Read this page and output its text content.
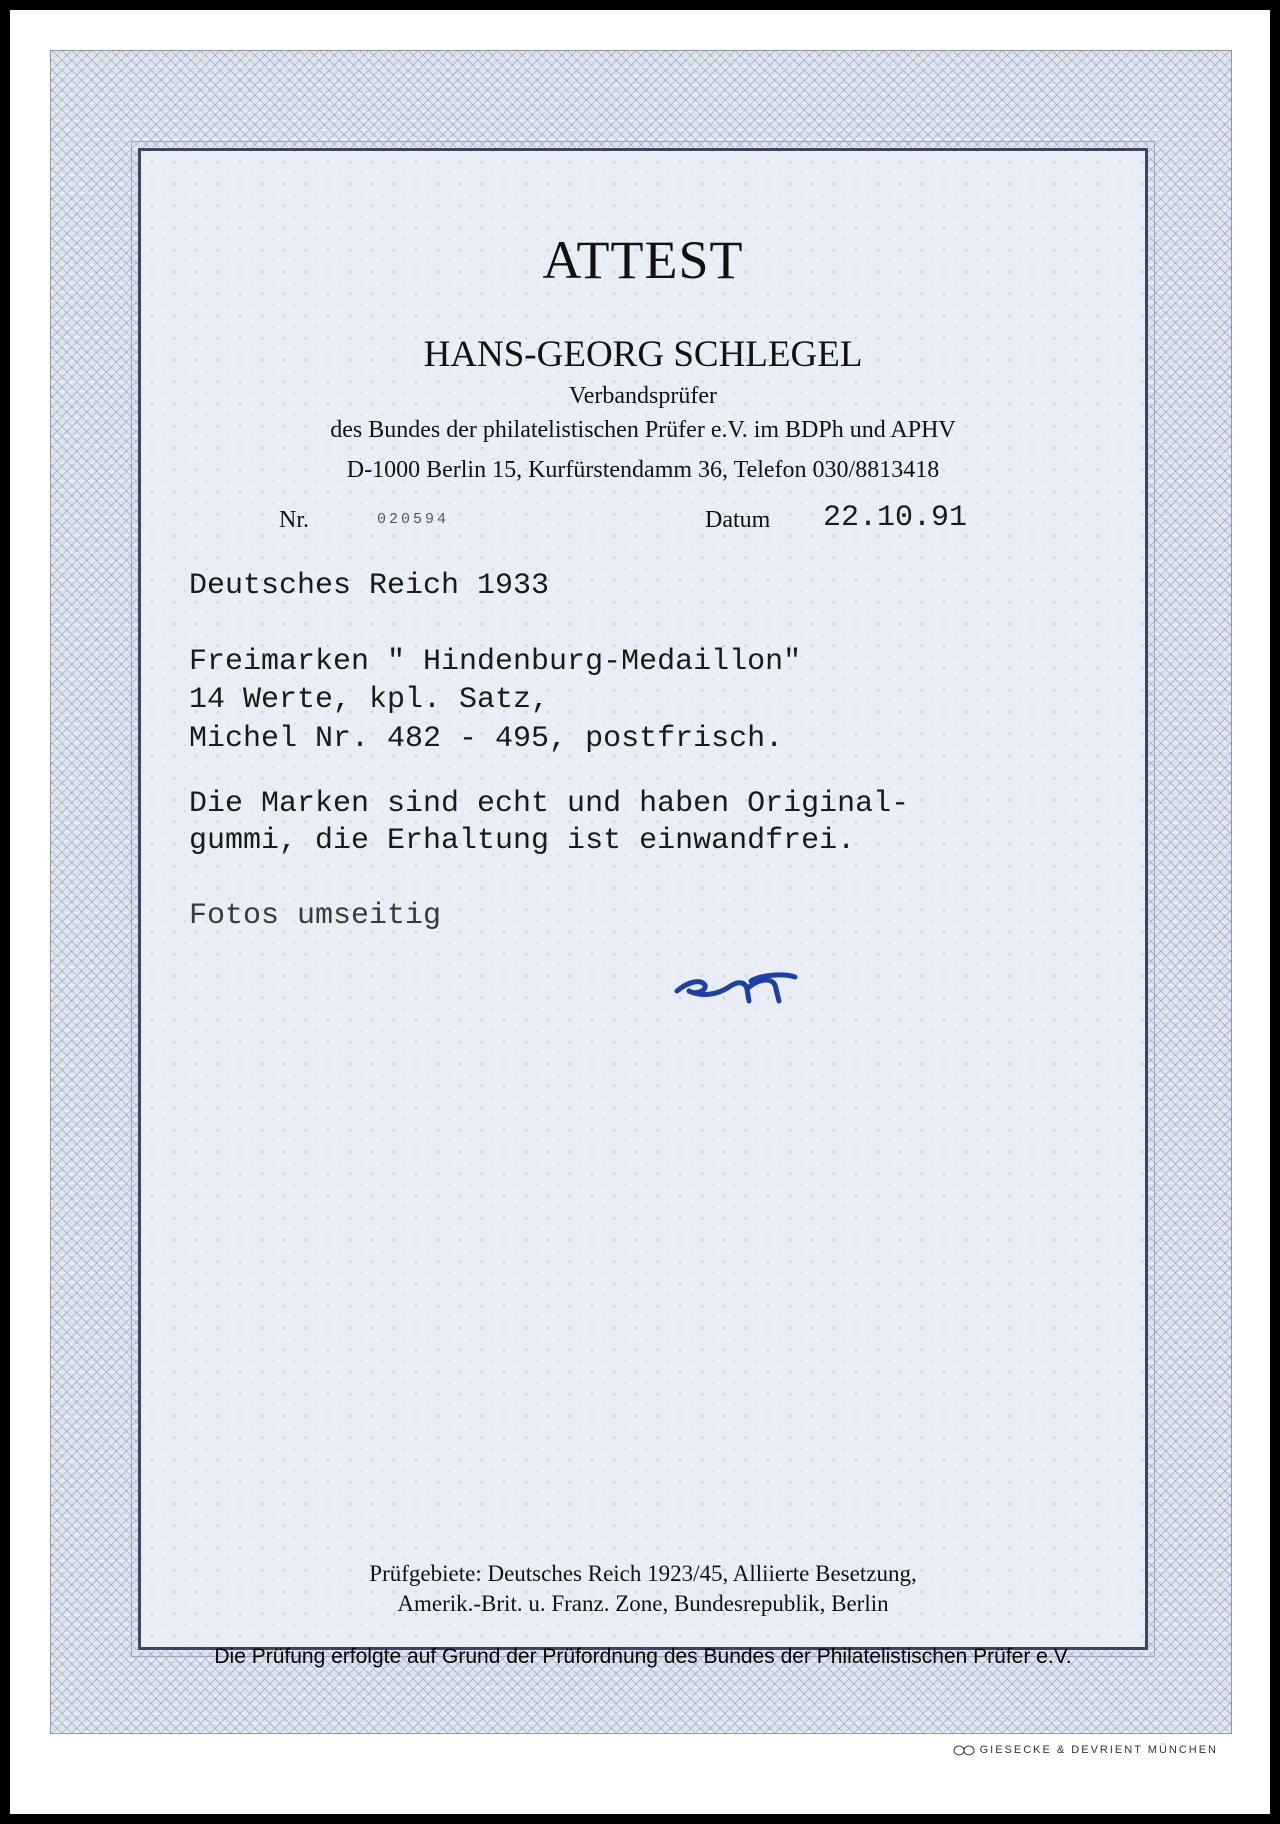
ATTEST
HANS-GEORG SCHLEGEL
Verbandsprüfer
des Bundes der philatelistischen Prüfer e.V. im BDPh und APHV
D-1000 Berlin 15, Kurfürstendamm 36, Telefon 030/8813418
Nr.	020594	Datum 22.10.91
Deutsches Reich 1933
Freimarken " Hindenburg-Medaillon"
14 Werte, kpl. Satz,
Michel Nr. 482 - 495, postfrisch.
Die Marken sind echt und haben Original-
gummi, die Erhaltung ist einwandfrei.
Fotos umseitig
Prüfgebiete: Deutsches Reich 1923/45, Alliierte Besetzung,
Amerik.-Brit. u. Franz. Zone, Bundesrepublik, Berlin
Die Prüfung erfolgte auf Grund der Prüfordnung des Bundes der Philatelistischen Prüfer e.V.
GIESECKE & DEVRIENT MÜNCHEN
